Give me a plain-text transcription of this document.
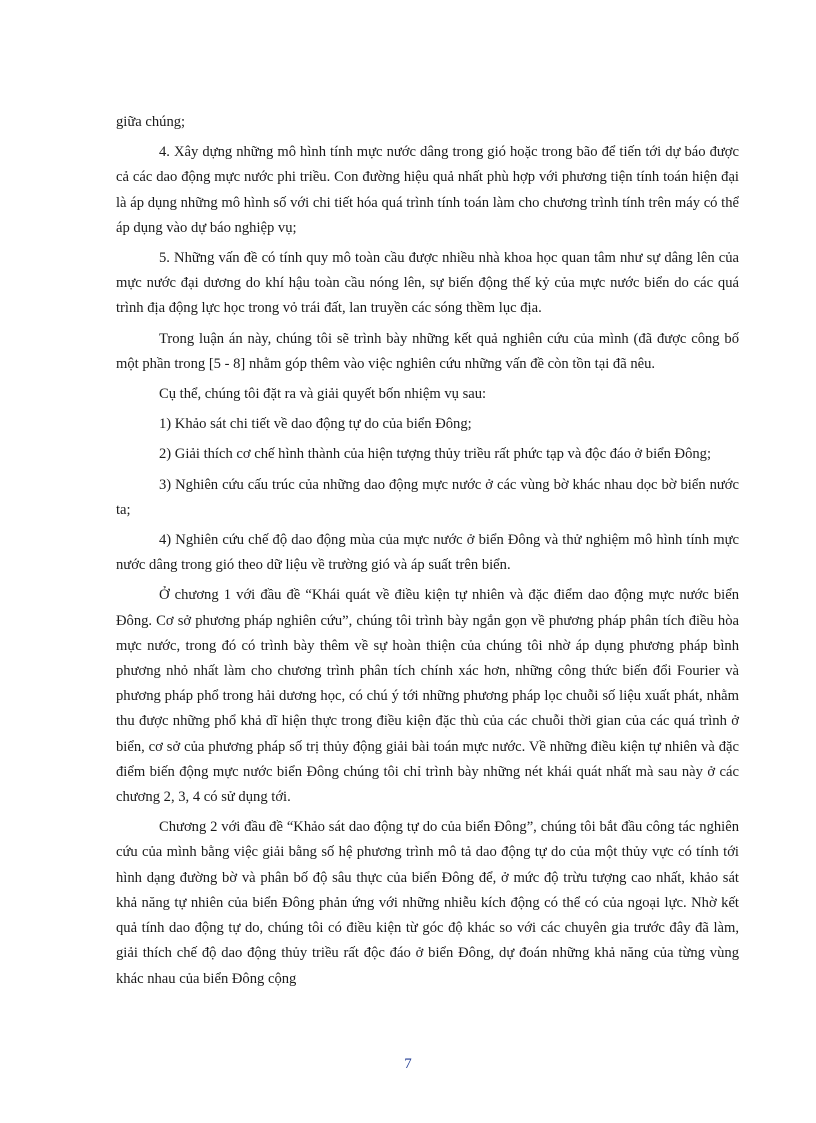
giữa chúng;

4. Xây dựng những mô hình tính mực nước dâng trong gió hoặc trong bão để tiến tới dự báo được cả các dao động mực nước phi triều. Con đường hiệu quả nhất phù hợp với phương tiện tính toán hiện đại là áp dụng những mô hình số với chi tiết hóa quá trình tính toán làm cho chương trình tính trên máy có thể áp dụng vào dự báo nghiệp vụ;

5. Những vấn đề có tính quy mô toàn cầu được nhiều nhà khoa học quan tâm như sự dâng lên của mực nước đại dương do khí hậu toàn cầu nóng lên, sự biến động thế kỷ của mực nước biển do các quá trình địa động lực học trong vỏ trái đất, lan truyền các sóng thềm lục địa.

Trong luận án này, chúng tôi sẽ trình bày những kết quả nghiên cứu của mình (đã được công bố một phần trong [5 - 8] nhằm góp thêm vào việc nghiên cứu những vấn đề còn tồn tại đã nêu.

Cụ thể, chúng tôi đặt ra và giải quyết bốn nhiệm vụ sau:

1) Khảo sát chi tiết về dao động tự do của biển Đông;

2) Giải thích cơ chế hình thành của hiện tượng thủy triều rất phức tạp và độc đáo ở biển Đông;

3) Nghiên cứu cấu trúc của những dao động mực nước ở các vùng bờ khác nhau dọc bờ biển nước ta;

4) Nghiên cứu chế độ dao động mùa của mực nước ở biển Đông và thử nghiệm mô hình tính mực nước dâng trong gió theo dữ liệu về trường gió và áp suất trên biển.

Ở chương 1 với đầu đề “Khái quát về điều kiện tự nhiên và đặc điểm dao động mực nước biển Đông. Cơ sở phương pháp nghiên cứu”, chúng tôi trình bày ngắn gọn về phương pháp phân tích điều hòa mực nước, trong đó có trình bày thêm về sự hoàn thiện của chúng tôi nhờ áp dụng phương pháp bình phương nhỏ nhất làm cho chương trình phân tích chính xác hơn, những công thức biến đổi Fourier và phương pháp phổ trong hải dương học, có chú ý tới những phương pháp lọc chuỗi số liệu xuất phát, nhằm thu được những phổ khả dĩ hiện thực trong điều kiện đặc thù của các chuỗi thời gian của các quá trình ở biển, cơ sở của phương pháp số trị thủy động giải bài toán mực nước. Về những điều kiện tự nhiên và đặc điểm biến động mực nước biển Đông chúng tôi chỉ trình bày những nét khái quát nhất mà sau này ở các chương 2, 3, 4 có sử dụng tới.

Chương 2 với đầu đề “Khảo sát dao động tự do của biển Đông”, chúng tôi bắt đầu công tác nghiên cứu của mình bằng việc giải bằng số hệ phương trình mô tả dao động tự do của một thủy vực có tính tới hình dạng đường bờ và phân bố độ sâu thực của biển Đông để, ở mức độ trừu tượng cao nhất, khảo sát khả năng tự nhiên của biển Đông phản ứng với những nhiễu kích động có thể có của ngoại lực. Nhờ kết quả tính dao động tự do, chúng tôi có điều kiện từ góc độ khác so với các chuyên gia trước đây đã làm, giải thích chế độ dao động thủy triều rất độc đáo ở biển Đông, dự đoán những khả năng của từng vùng khác nhau của biển Đông cộng

7
